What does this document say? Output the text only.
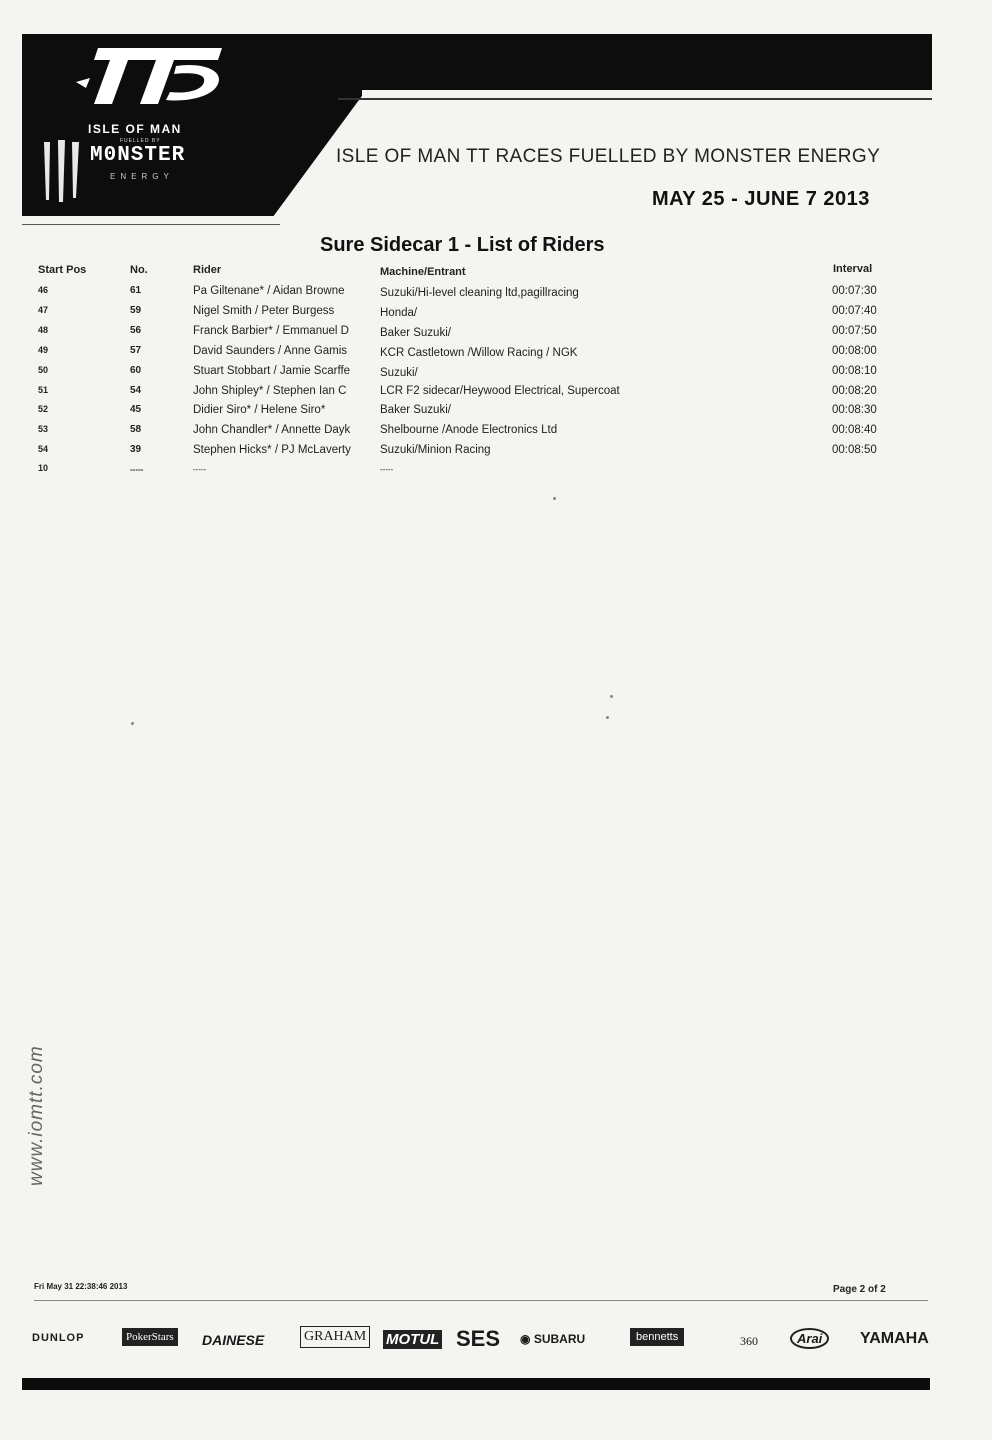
ISLE OF MAN
FUELLED BY
M0NSTER
ENERGY
ISLE OF MAN TT RACES FUELLED BY MONSTER ENERGY
MAY 25 - JUNE 7 2013
Sure Sidecar 1 - List of Riders
Start Pos	No.	Rider	Machine/Entrant	Interval
46	61	Pa Giltenane* / Aidan Browne	Suzuki/Hi-level cleaning ltd,pagillracing	00:07:30
47	59	Nigel Smith / Peter Burgess	Honda/	00:07:40
48	56	Franck Barbier* / Emmanuel D	Baker Suzuki/	00:07:50
49	57	David Saunders / Anne Gamis	KCR Castletown /Willow Racing / NGK	00:08:00
50	60	Stuart Stobbart / Jamie Scarffe	Suzuki/	00:08:10
51	54	John Shipley* / Stephen Ian C	LCR F2 sidecar/Heywood Electrical, Supercoat	00:08:20
52	45	Didier Siro* / Helene Siro*	Baker Suzuki/	00:08:30
53	58	John Chandler* / Annette Dayk	Shelbourne /Anode Electronics Ltd	00:08:40
54	39	Stephen Hicks* / PJ McLaverty	Suzuki/Minion Racing	00:08:50
10	-----	-----	-----
www.iomtt.com
Fri May 31 22:38:46 2013	Page 2 of 2
DUNLOP	PokerStars DAINESE	GRAHAM MOTUL SES ◉ SUBARU	bennetts	360	Arai	YAMAHA
